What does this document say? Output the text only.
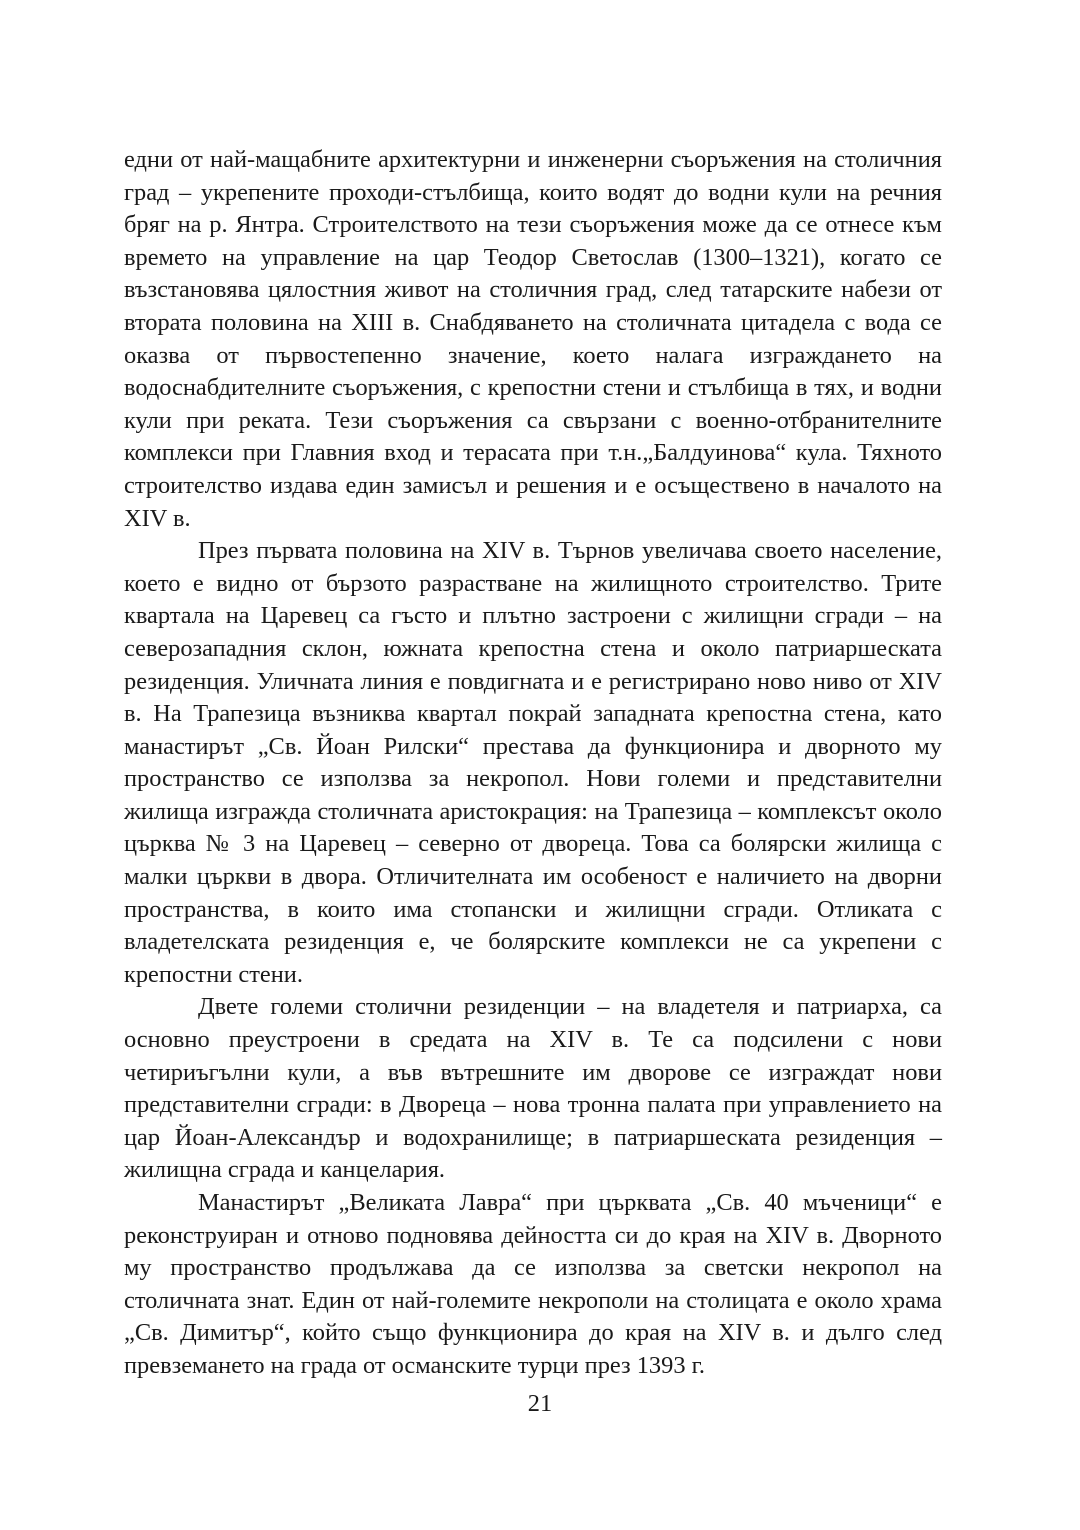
едни от най-мащабните архитектурни и инженерни съоръжения на столичния град – укрепените проходи-стълбища, които водят до водни кули на речния бряг на р. Янтра. Строителството на тези съоръжения може да се отнесе към времето на управление на цар Теодор Светослав (1300–1321), когато се възстановява цялостния живот на столичния град, след татарските набези от втората половина на XIII в. Снабдяването на столичната цитадела с вода се оказва от първостепенно значение, което налага изграждането на водоснабдителните съоръжения, с крепостни стени и стълбища в тях, и водни кули при реката. Тези съоръжения са свързани с военно-отбранителните комплекси при Главния вход и терасата при т.н.„Балдуинова“ кула. Тяхното строителство издава един замисъл и решения и е осъществено в началото на XIV в.

През първата половина на XIV в. Търнов увеличава своето население, което е видно от бързото разрастване на жилищното строителство. Трите квартала на Царевец са гъсто и плътно застроени с жилищни сгради – на северозападния склон, южната крепостна стена и около патриаршеската резиденция. Уличната линия е повдигната и е регистрирано ново ниво от XIV в. На Трапезица възниква квартал покрай западната крепостна стена, като манастирът „Св. Йоан Рилски“ престава да функционира и дворното му пространство се използва за некропол. Нови големи и представителни жилища изгражда столичната аристокрация: на Трапезица – комплексът около църква № 3 на Царевец – северно от двореца. Това са болярски жилища с малки църкви в двора. Отличителната им особеност е наличието на дворни пространства, в които има стопански и жилищни сгради. Отликата с владетелската резиденция е, че болярските комплекси не са укрепени с крепостни стени.

Двете големи столични резиденции – на владетеля и патриарха, са основно преустроени в средата на XIV в. Те са подсилени с нови четириъгълни кули, а във вътрешните им дворове се изграждат нови представителни сгради: в Двореца – нова тронна палата при управлението на цар Йоан-Александър и водохранилище; в патриаршеската резиденция – жилищна сграда и канцелария.

Манастирът „Великата Лавра“ при църквата „Св. 40 мъченици“ е реконструиран и отново подновява дейността си до края на XIV в. Дворното му пространство продължава да се използва за светски некропол на столичната знат. Един от най-големите некрополи на столицата е около храма „Св. Димитър“, който също функционира до края на XIV в. и дълго след превземането на града от османските турци през 1393 г.

21
